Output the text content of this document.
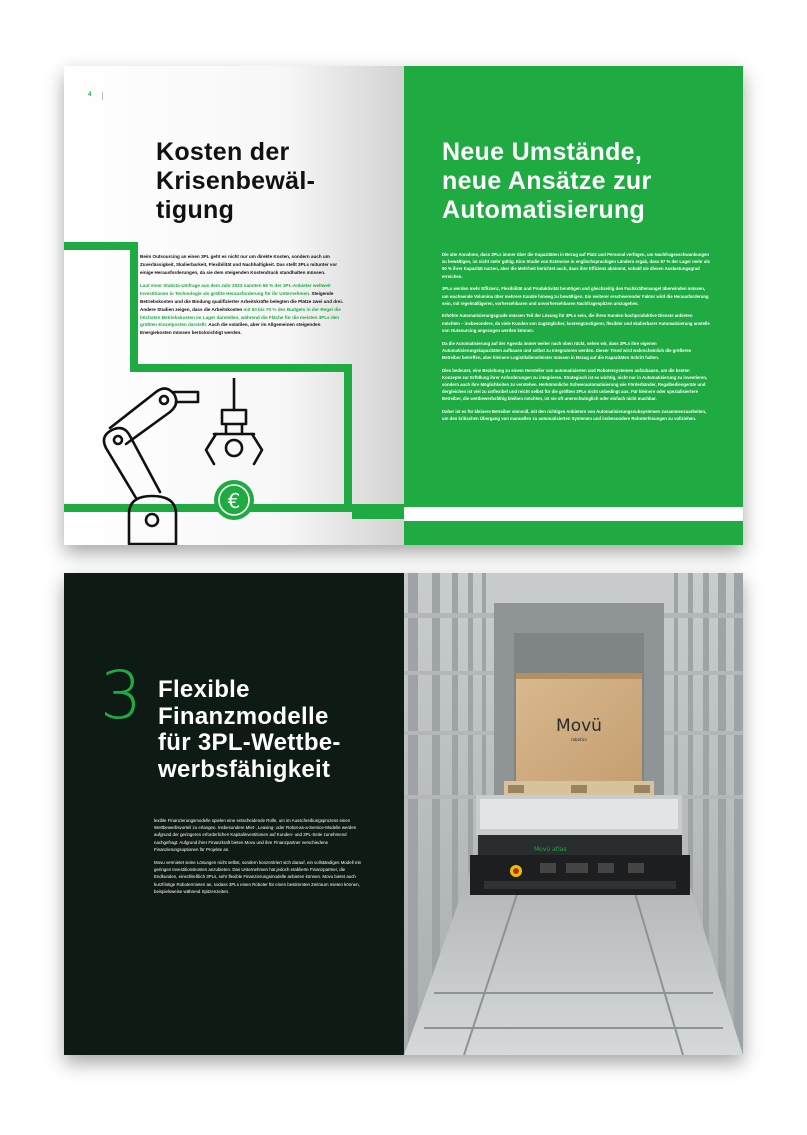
4
Kosten der
Krisenbewäl-
tigung

Beim Outsourcing an einen 3PL geht es nicht nur um direkte Kosten, sondern auch um Zuverlässigkeit, Skalierbarkeit, Flexibilität und Nachhaltigkeit. Das stellt 3PLs mitunter vor einige Herausforderungen, da sie dem steigenden Kostendruck standhalten müssen.

Laut einer Statista-Umfrage aus dem Jahr 2023 nannten 66 % der 3PL-Anbieter weltweit Investitionen in Technologie als größte Herausforderung für ihr Unternehmen. Steigende Betriebskosten und die Bindung qualifizierter Arbeitskräfte belegten die Plätze zwei und drei. Andere Studien zeigen, dass die Arbeitskosten mit 50 bis 70 % des Budgets in der Regel die höchsten Betriebskosten im Lager darstellen, während die Fläche für die meisten 3PLs den größten Einzelposten darstellt. Auch die volatilen, aber im Allgemeinen steigenden Energiekosten müssen berücksichtigt werden.

€
Neue Umstände,
neue Ansätze zur
Automatisierung

Die alte Annahme, dass 3PLs immer über die Kapazitäten in Bezug auf Platz und Personal verfügen, um Nachfragesschwankungen zu bewältigen, ist nicht mehr gültig. Eine Studie von Extensive in englischsprachigen Ländern ergab, dass 67 % der Lager mehr als 90 % ihrer Kapazität nutzen, aber die Mehrheit berichtet auch, dass ihre Effizienz abnimmt, sobald sie diesen Auslastungsgrad erreichen.

3PLs werden mehr Effizienz, Flexibilität und Produktivität benötigen und gleichzeitig den Fachkräftemangel überwinden müssen, um wachsende Volumina über mehrere Kanäle hinweg zu bewältigen. Ein weiterer erschwerender Faktor wird die Herausforderung sein, mit regelmäßigeren, vorhersehbaren und unvorhersehbaren Nachfragespitzen umzugehen.

Erhöhte Automatisierungsgrade müssen Teil der Lösung für 3PLs sein, die ihren Kunden hochproduktive Dienste anbieten möchten – insbesondere, da viele Kunden von zugänglicher, kostengünstigerer, flexibler und skalierbarer Automatisierung anstelle von Outsourcing angezogen werden können.

Da die Automatisierung auf der Agenda immer weiter nach oben rückt, sehen wir, dass 3PLs ihre eigenen Automatisierungskapazitäten aufbauen und selbst zu Integratoren werden. Dieser Trend wird wahrscheinlich die größeren Betreiber betreffen, aber kleinere Logistikdienstleister müssen in Bezug auf die Kapazitäten Schritt halten.

Dies bedeutet, eine Beziehung zu einem Hersteller von automatisierten und Robotersystemen aufzubauen, um die besten Konzepte zur Erfüllung ihrer Anforderungen zu integrieren. Strategisch ist es wichtig, nicht nur in Automatisierung zu investieren, sondern auch ihre Möglichkeiten zu verstehen. Herkömmliche Schwerautomatisierung wie Förderbänder, Regalbediengeräte und dergleichen ist viel zu unflexibel und reicht selbst für die größten 3PLs nicht unbedingt aus. Für kleinere oder spezialisiertere Betreiber, die wettbewerbsfähig bleiben möchten, ist sie oft unerschwinglich oder einfach nicht machbar.

Daher ist es für kleinere Betreiber sinnvoll, mit den richtigen Anbietern von Automatisierungssubsystemen zusammenzuarbeiten, um den kritischen Übergang von manuellen zu automatisierten Systemen und insbesondere Roboterlösungen zu vollziehen.

3 Flexible
Finanzmodelle
für 3PL-Wettbe-
werbsfähigkeit

lexible Finanzierungsmodelle spielen eine entscheidende Rolle, um im Ausschreibungsprozess einen Wettbewerbsvorteil zu erlangen. Insbesondere Miet-, Leasing- oder Robot-as-a-Service-Modelle werden aufgrund der geringeren erforderlichen Kapitalinvestitionen auf Kunden- und 3PL-Seite zunehmend nachgefragt. Aufgrund ihrer Finanzkraft bieten Movu und ihre Finanzpartner verschiedene Finanzierungsoptionen für Projekte an.

Movu vermietet seine Lösungen nicht selbst, sondern konzentriert sich darauf, ein vollständiges Modell mit geringen Investitionskosten anzubieten. Das Unternehmen hat jedoch etablierte Finanzpartner, die Endkunden, einschließlich 3PLs, sehr flexible Finanzierungsmodelle anbieten können. Movu bietet auch kurzfristige Robotermieten an, sodass 3PLs einen Roboter für einen bestimmten Zeitraum mieten können, beispielsweise während Spitzenzeiten.

Movü
robotics
Movü atlas
